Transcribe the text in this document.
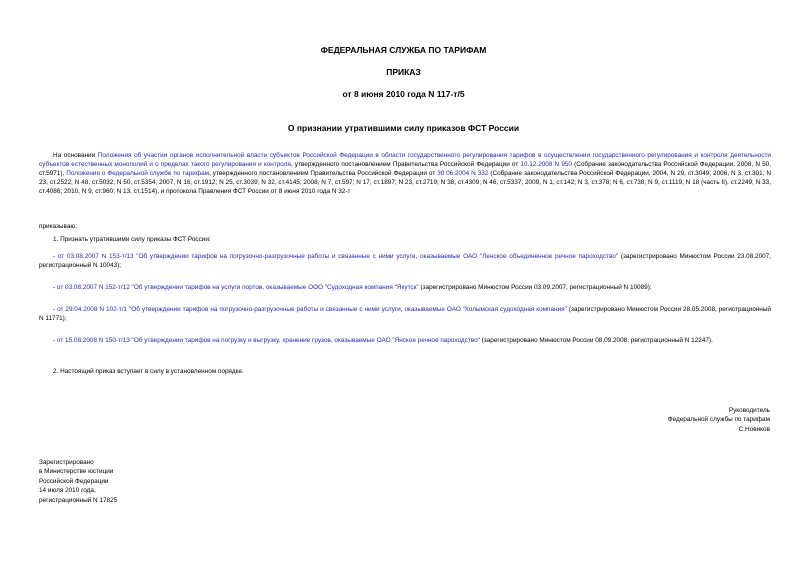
ФЕДЕРАЛЬНАЯ СЛУЖБА ПО ТАРИФАМ
ПРИКАЗ
от 8 июня 2010 года N 117-т/5
О признании утратившими силу приказов ФСТ России
На основании Положения об участии органов исполнительной власти субъектов Российской Федерации в области государственного регулирования тарифов в осуществлении государственного регулирования и контроля деятельности субъектов естественных монополий и о пределах такого регулирования и контроля, утвержденного постановлением Правительства Российской Федерации от 10.12.2008 N 950 (Собрание законодательства Российской Федерации, 2008, N 50, ст.5971), Положения о Федеральной службе по тарифам, утвержденного постановлением Правительства Российской Федерации от 30.06.2004 N 332 (Собрание законодательства Российской Федерации, 2004, N 29, ст.3049; 2006, N 3, ст.301; N 23, ст.2522; N 48, ст.5032; N 50, ст.5354; 2007, N 16, ст.1912; N 25, ст.3039; N 32, ст.4145; 2008, N 7, ст.597; N 17, ст.1897; N 23, ст.2719; N 38, ст.4309; N 46, ст.5337; 2009, N 1, ст.142; N 3, ст.378; N 6, ст.738; N 9, ст.1119; N 18 (часть II), ст.2249; N 33, ст.4086; 2010, N 9, ст.960; N 13, ст.1514), и протокола Правления ФСТ России от 8 июня 2010 года N 32-т
приказываю:
1. Признать утратившими силу приказы ФСТ России:
- от 03.08.2007 N 153-т/13 "Об утверждении тарифов на погрузочно-разгрузочные работы и связанные с ними услуги, оказываемые ОАО "Ленское объединенное речное пароходство" (зарегистрировано Минюстом России 23.08.2007, регистрационный N 10043);
- от 03.08.2007 N 152-т/12 "Об утверждении тарифов на услуги портов, оказываемые ООО "Судоходная компания "Якутск" (зарегистрировано Минюстом России 03.09.2007, регистрационный N 10089);
- от 29.04.2008 N 102-т/1 "Об утверждении тарифов на погрузочно-разгрузочные работы и связанные с ними услуги, оказываемые ОАО "Колымская судоходная компания" (зарегистрировано Минюстом России 28.05.2008, регистрационный N 11771);
- от 15.08.2008 N 150-т/13 "Об утверждении тарифов на погрузку и выгрузку, хранение грузов, оказываемые ОАО "Янское речное пароходство" (зарегистрировано Минюстом России 08.09.2008, регистрационный N 12247).
2. Настоящий приказ вступает в силу в установленном порядке.
Руководитель
Федеральной службы по тарифам
С.Новиков
Зарегистрировано
в Министерстве юстиции
Российской Федерации
14 июля 2010 года,
регистрационный N 17825
